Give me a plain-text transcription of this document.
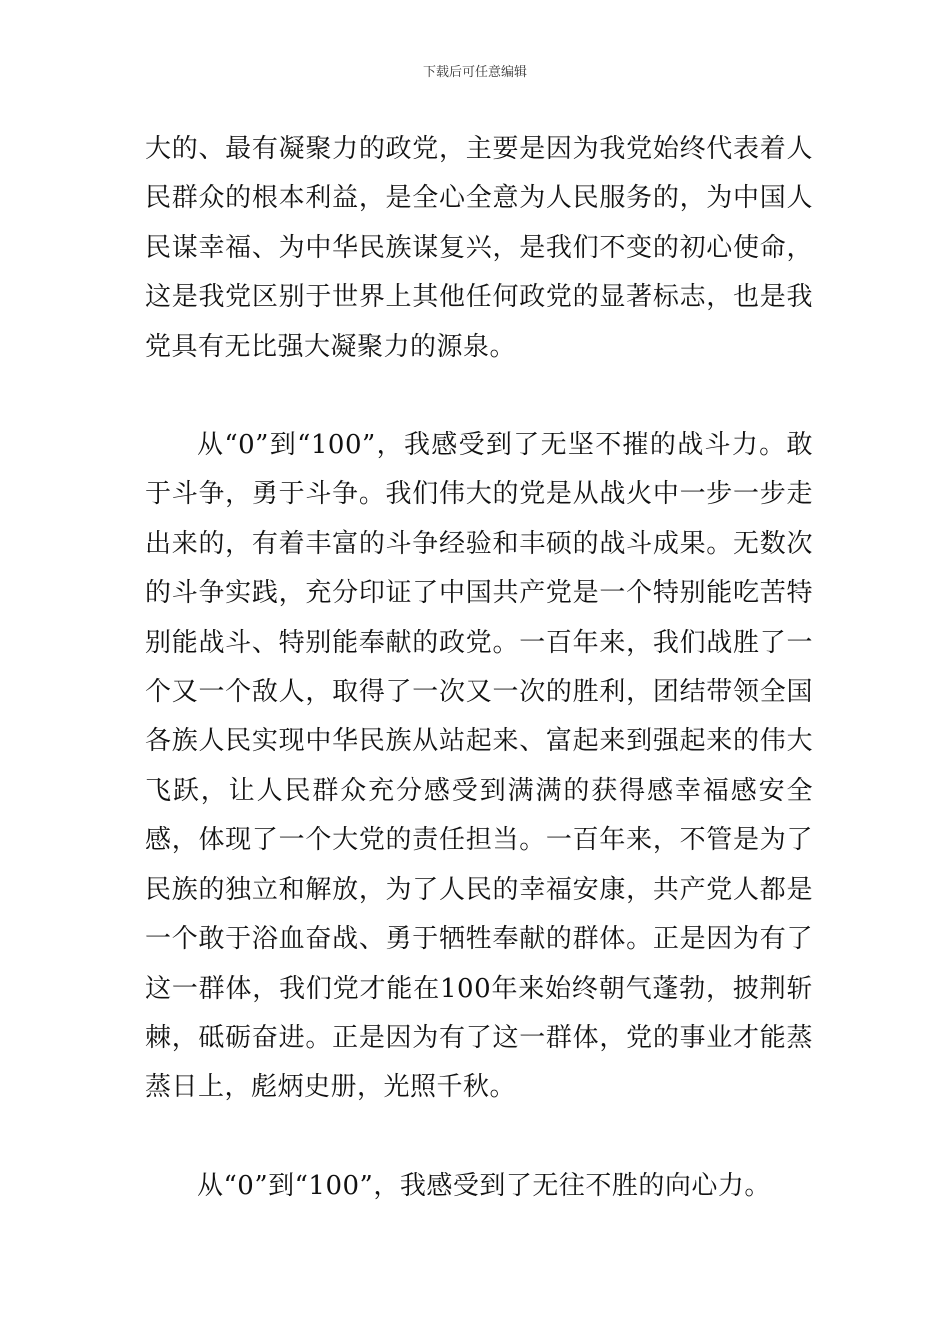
下载后可任意编辑

大的、最有凝聚力的政党，主要是因为我党始终代表着人民群众的根本利益，是全心全意为人民服务的，为中国人民谋幸福、为中华民族谋复兴，是我们不变的初心使命，这是我党区别于世界上其他任何政党的显著标志，也是我党具有无比强大凝聚力的源泉。

从“0”到“100”，我感受到了无坚不摧的战斗力。敢于斗争，勇于斗争。我们伟大的党是从战火中一步一步走出来的，有着丰富的斗争经验和丰硕的战斗成果。无数次的斗争实践，充分印证了中国共产党是一个特别能吃苦特别能战斗、特别能奉献的政党。一百年来，我们战胜了一个又一个敌人，取得了一次又一次的胜利，团结带领全国各族人民实现中华民族从站起来、富起来到强起来的伟大飞跃，让人民群众充分感受到满满的获得感幸福感安全感，体现了一个大党的责任担当。一百年来，不管是为了民族的独立和解放，为了人民的幸福安康，共产党人都是一个敢于浴血奋战、勇于牺牲奉献的群体。正是因为有了这一群体，我们党才能在100年来始终朝气蓬勃，披荆斩棘，砥砺奋进。正是因为有了这一群体，党的事业才能蒸蒸日上，彪炳史册，光照千秋。

从“0”到“100”，我感受到了无往不胜的向心力。
